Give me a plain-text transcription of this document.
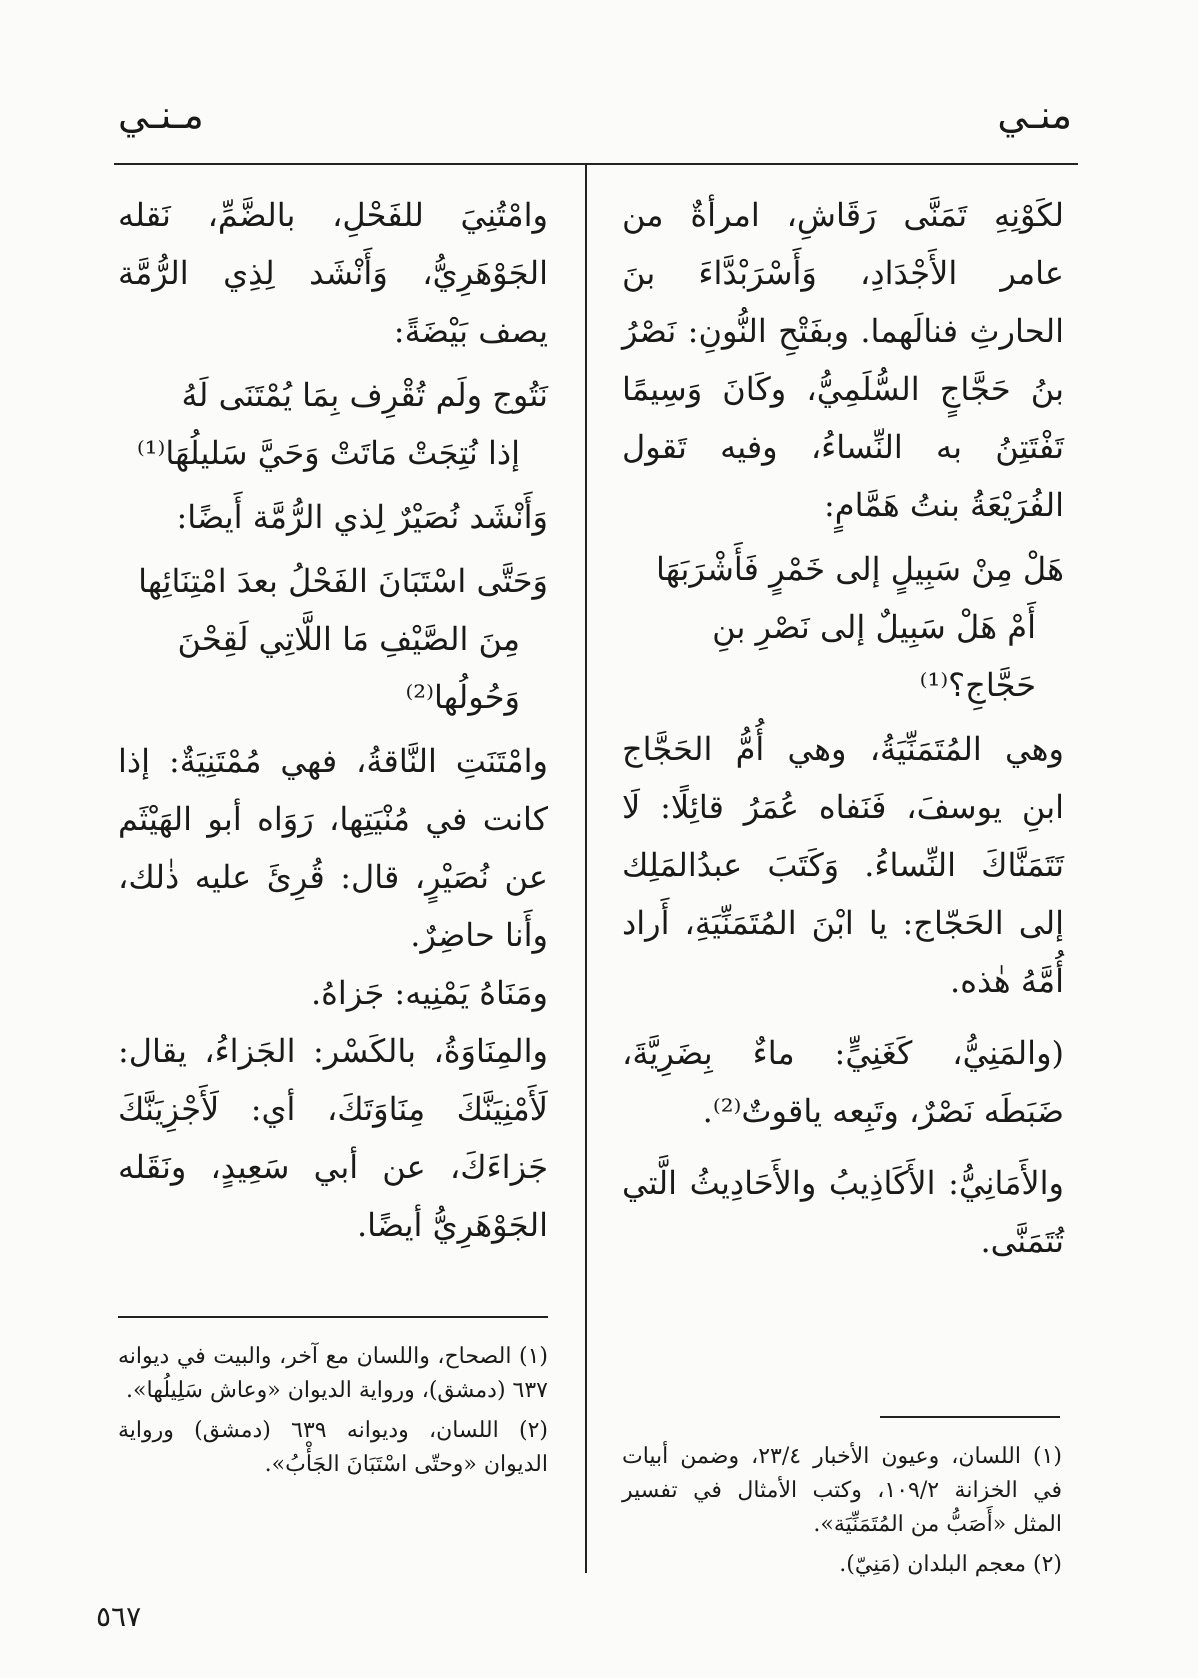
منـي
مـنـي

لكَوْنِهِ تَمَنَّى رَقَاشِ، امرأةٌ من عامر الأَجْدَادِ، وَأَسْرَبْدَّاءَ بنَ الحارثِ فنالَهما. وبفَتْحِ النُّونِ: نَصْرُ بنُ حَجَّاجٍ السُّلَمِيُّ، وكَانَ وَسِيمًا تَفْتَتِنُ به النِّساءُ، وفيه تَقول الفُرَيْعَةُ بنتُ هَمَّامٍ:

هَلْ مِنْ سَبِيلٍ إلى خَمْرٍ فَأَشْرَبَهَا
أَمْ هَلْ سَبِيلٌ إلى نَصْرِ بنِ حَجَّاجِ؟⁽¹⁾

وهي المُتَمَنِّيَةُ، وهي أُمُّ الحَجَّاج ابنِ يوسفَ، فَنَفاه عُمَرُ قائِلًا: لَا تَتَمَنَّاكَ النِّساءُ. وَكَتَبَ عبدُالمَلِك إلى الحَجّاج: يا ابْنَ المُتَمَنِّيَةِ، أَراد أُمَّهُ هٰذه.

(والمَنِيُّ، كَغَنِيٍّ: ماءٌ بِضَرِيَّةَ، ضَبَطَه نَصْرٌ، وتَبِعه ياقوتٌ⁽²⁾.

والأَمَانِيُّ: الأَكَاذِيبُ والأَحَادِيثُ الَّتي تُتَمَنَّى.

وامْتُنِيَ للفَحْلِ، بالضَّمِّ، نَقله الجَوْهَرِيُّ، وَأَنْشَد لِذِي الرُّمَّة يصف بَيْضَةً:

نَتُوج ولَم تُقْرِف بِمَا يُمْتَنَى لَهُ
إذا نُتِجَتْ مَاتَتْ وَحَيَّ سَليلُهَا⁽¹⁾

وَأَنْشَد نُصَيْرٌ لِذي الرُّمَّة أَيضًا:

وَحَتَّى اسْتَبَانَ الفَحْلُ بعدَ امْتِنَائِها
مِنَ الصَّيْفِ مَا اللَّاتِي لَقِحْنَ وَحُولُها⁽²⁾

وامْتَنَتِ النَّاقةُ، فهي مُمْتَنِيَةٌ: إذا كانت في مُنْيَتِها، رَوَاه أبو الهَيْثَم عن نُصَيْرٍ، قال: قُرِئَ عليه ذٰلك، وأَنا حاضِرٌ.

ومَنَاهُ يَمْنِيه: جَزاهُ.

والمِنَاوَةُ، بالكَسْر: الجَزاءُ، يقال: لَأَمْنِيَنَّكَ مِنَاوَتَكَ، أي: لَأَجْزِيَنَّكَ جَزاءَكَ، عن أبي سَعِيدٍ، ونَقَله الجَوْهَرِيُّ أيضًا.

(١) الصحاح، واللسان مع آخر، والبيت في ديوانه ٦٣٧ (دمشق)، ورواية الديوان «وعاش سَلِيلُها».

(٢) اللسان، وديوانه ٦٣٩ (دمشق) ورواية الديوان «وحتّى اسْتَبَانَ الجَأْبُ».	(١) اللسان، وعيون الأخبار ٢٣/٤، وضمن أبيات في الخزانة ١٠٩/٢، وكتب الأمثال في تفسير المثل «أَصَبُّ من المُتَمَنِّيَة».

(٢) معجم البلدان (مَنِيّ).

٥٦٧
